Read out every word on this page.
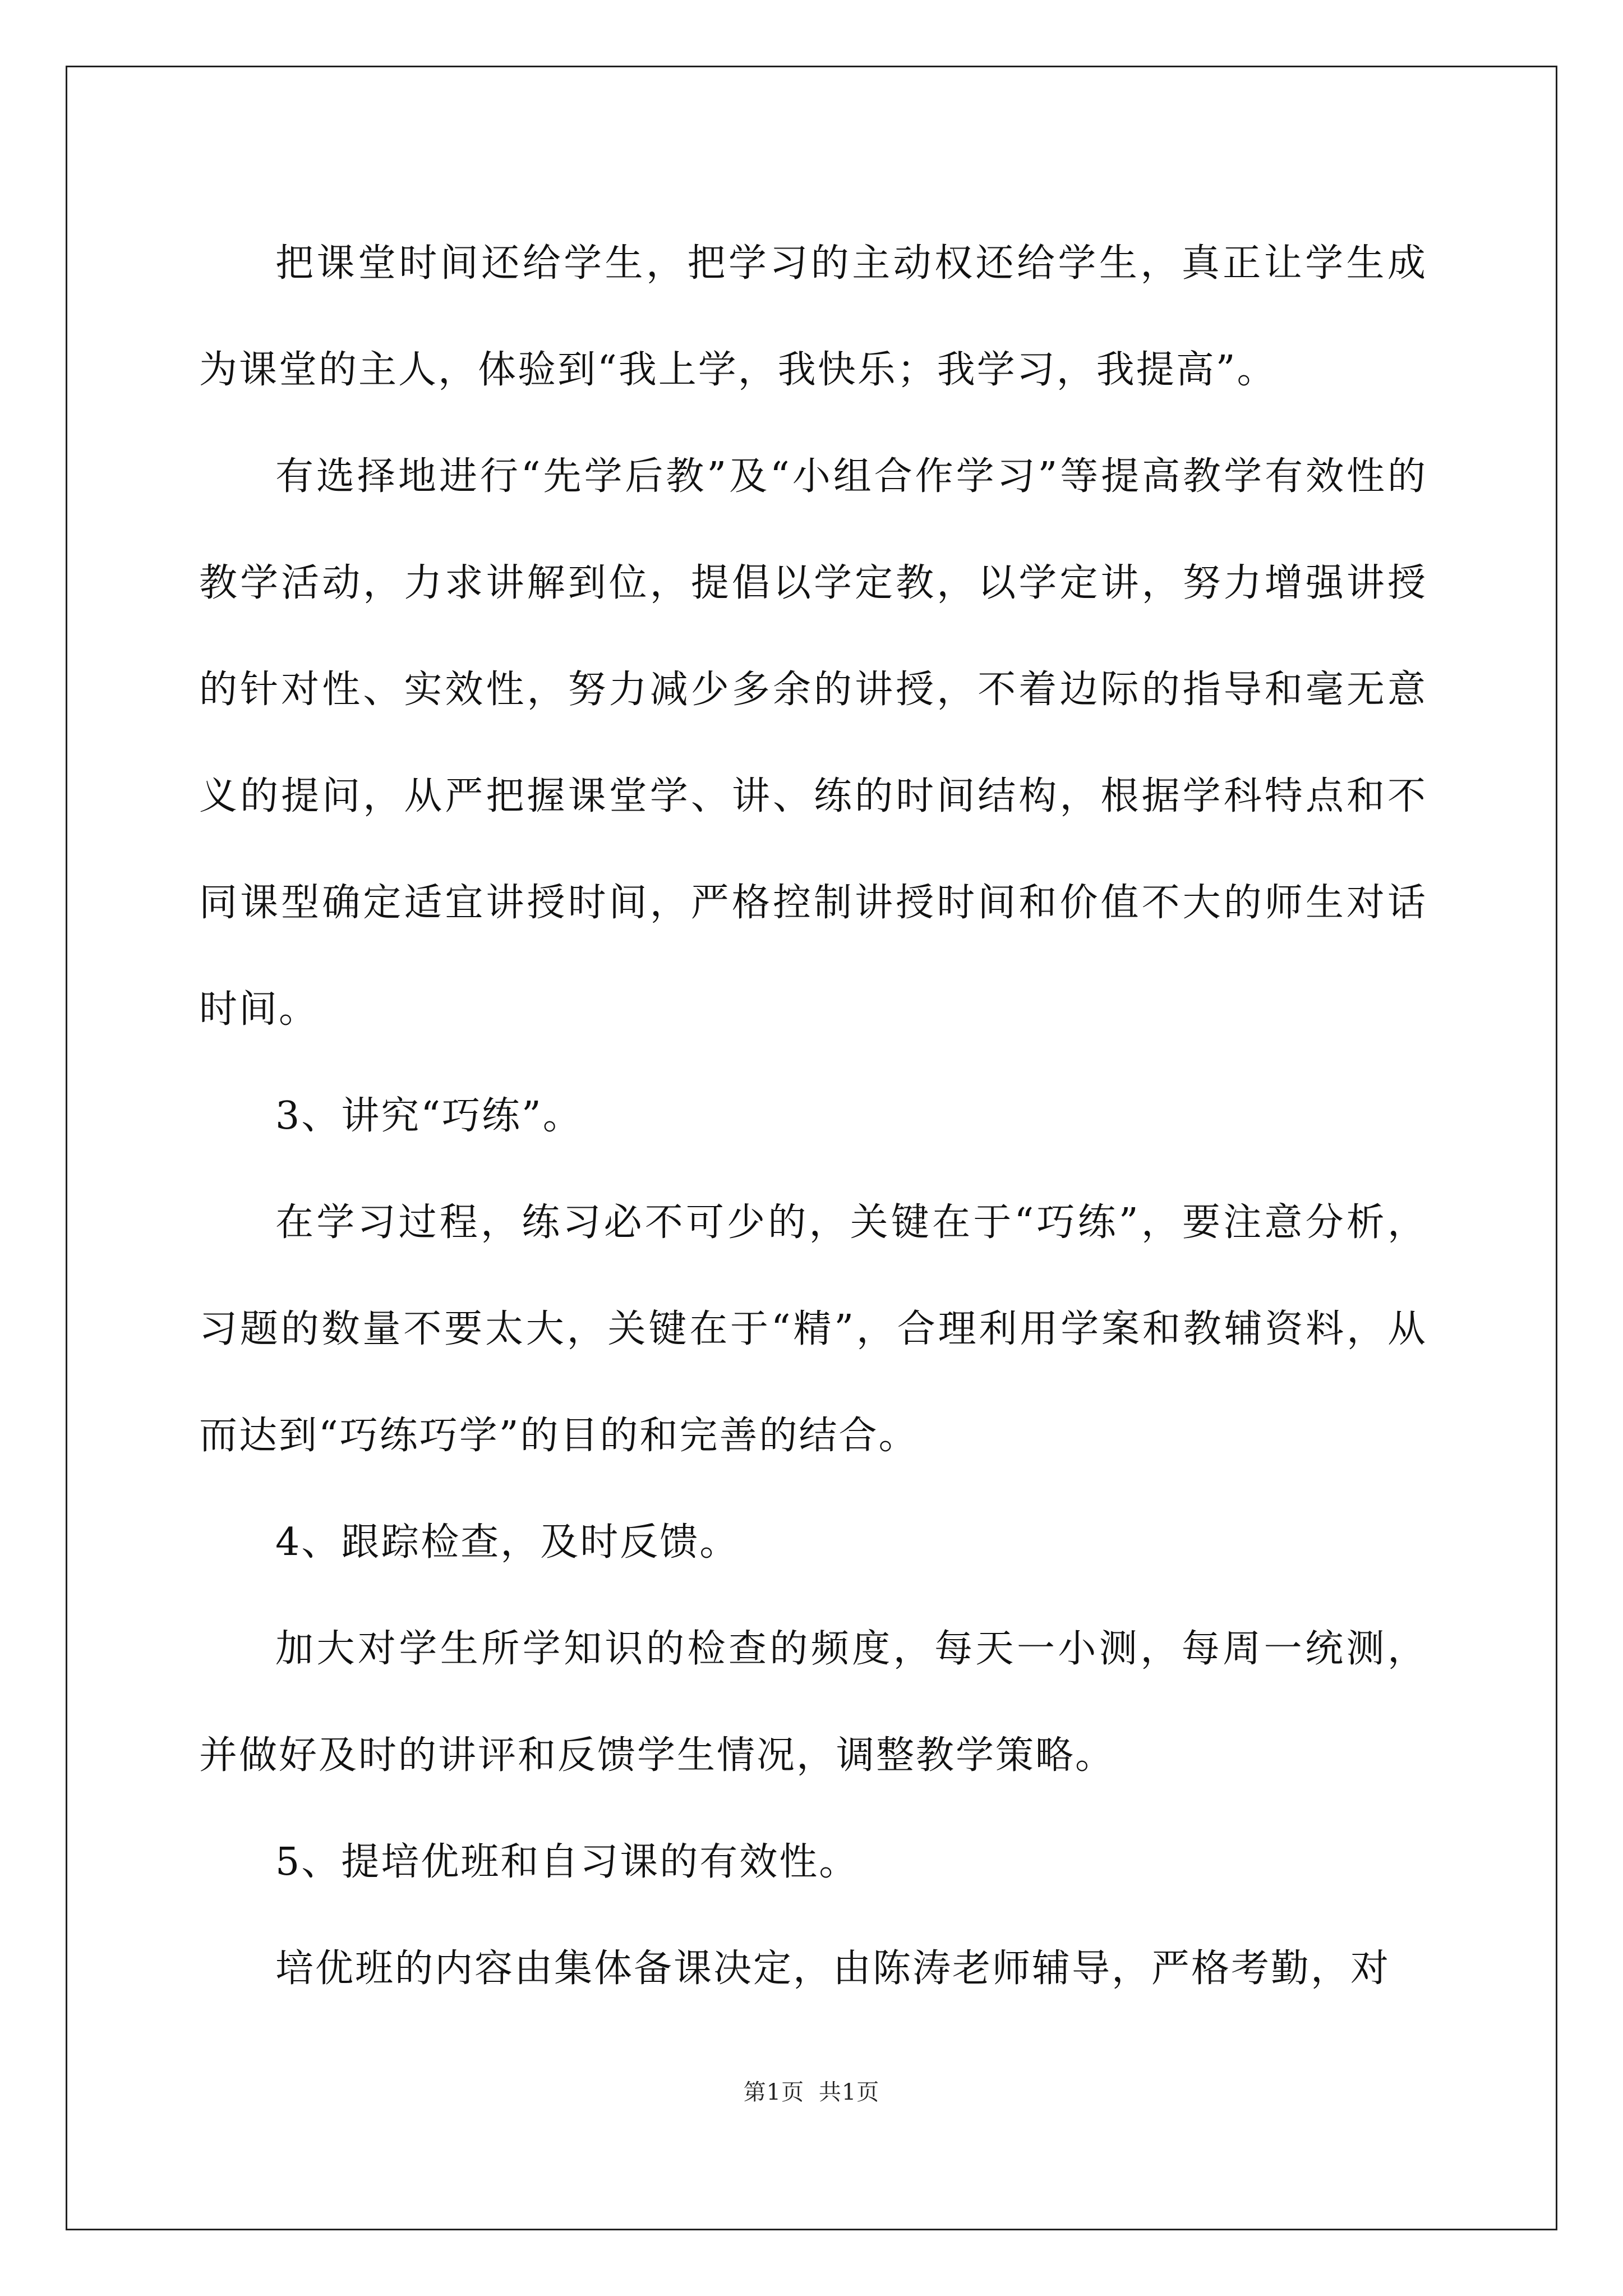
把课堂时间还给学生，把学习的主动权还给学生，真正让学生成为课堂的主人，体验到“我上学，我快乐；我学习，我提高”。

有选择地进行“先学后教”及“小组合作学习”等提高教学有效性的教学活动，力求讲解到位，提倡以学定教，以学定讲，努力增强讲授的针对性、实效性，努力减少多余的讲授，不着边际的指导和毫无意义的提问，从严把握课堂学、讲、练的时间结构，根据学科特点和不同课型确定适宜讲授时间，严格控制讲授时间和价值不大的师生对话时间。

3、讲究“巧练”。

在学习过程，练习必不可少的，关键在于“巧练”，要注意分析，习题的数量不要太大，关键在于“精”，合理利用学案和教辅资料，从而达到“巧练巧学”的目的和完善的结合。

4、跟踪检查，及时反馈。

加大对学生所学知识的检查的频度，每天一小测，每周一统测，并做好及时的讲评和反馈学生情况，调整教学策略。

5、提培优班和自习课的有效性。

培优班的内容由集体备课决定，由陈涛老师辅导，严格考勤，对

第1页 共1页
